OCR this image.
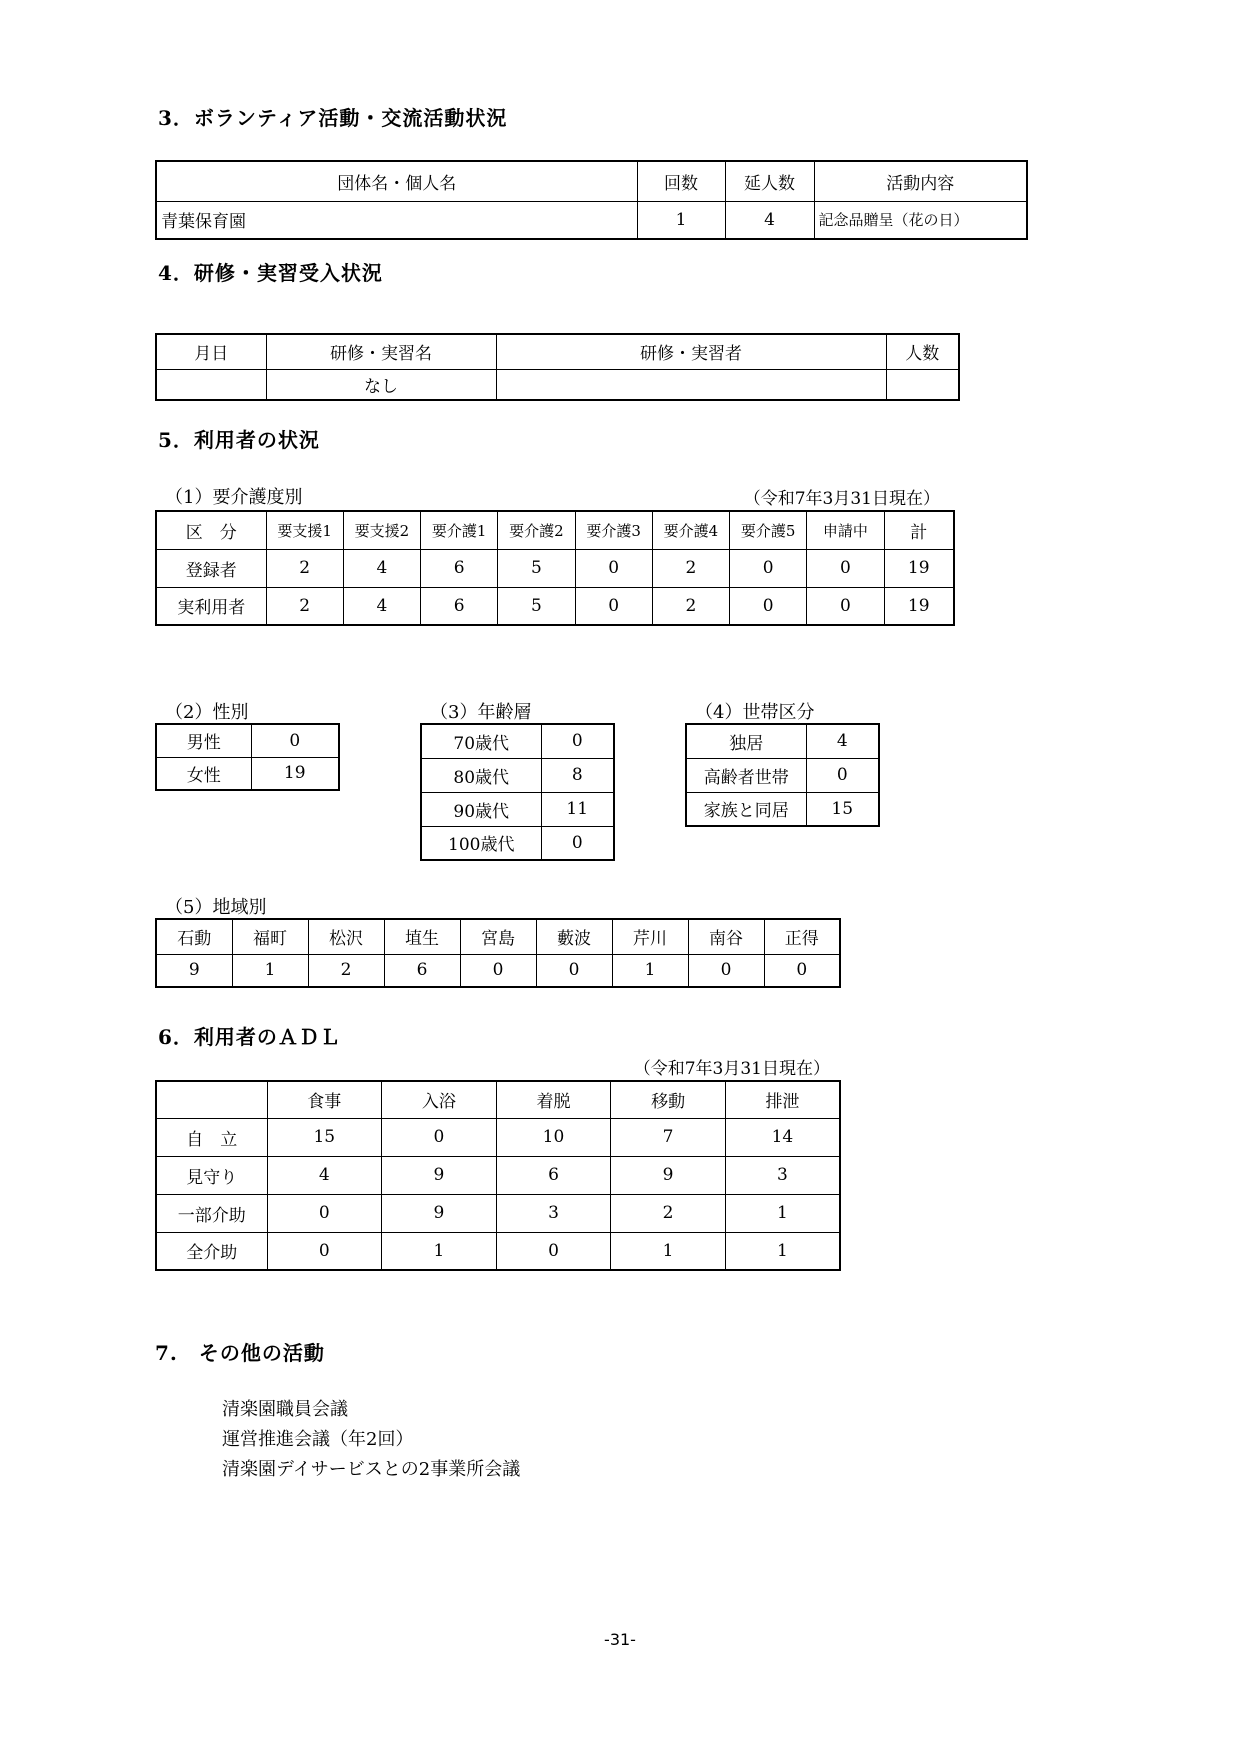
3．ボランティア活動・交流活動状況
団体名・個人名	回数	延人数	活動内容
青葉保育園	1	4	記念品贈呈（花の日）
4．研修・実習受入状況
月日	研修・実習名	研修・実習者	人数
	なし		
5．利用者の状況
（1）要介護度別	（令和7年3月31日現在）
区　分	要支援1	要支援2	要介護1	要介護2	要介護3	要介護4	要介護5	申請中	計
登録者	2	4	6	5	0	2	0	0	19
実利用者	2	4	6	5	0	2	0	0	19
（2）性別
男性	0
女性	19
（3）年齢層
70歳代	0
80歳代	8
90歳代	11
100歳代	0
（4）世帯区分
独居	4
高齢者世帯	0
家族と同居	15
（5）地域別
石動	福町	松沢	埴生	宮島	藪波	芹川	南谷	正得
9	1	2	6	0	0	1	0	0
6．利用者のＡＤＬ
（令和7年3月31日現在）
	食事	入浴	着脱	移動	排泄
自　立	15	0	10	7	14
見守り	4	9	6	9	3
一部介助	0	9	3	2	1
全介助	0	1	0	1	1
7.　その他の活動
清楽園職員会議
運営推進会議（年2回）
清楽園デイサービスとの2事業所会議
-31-
